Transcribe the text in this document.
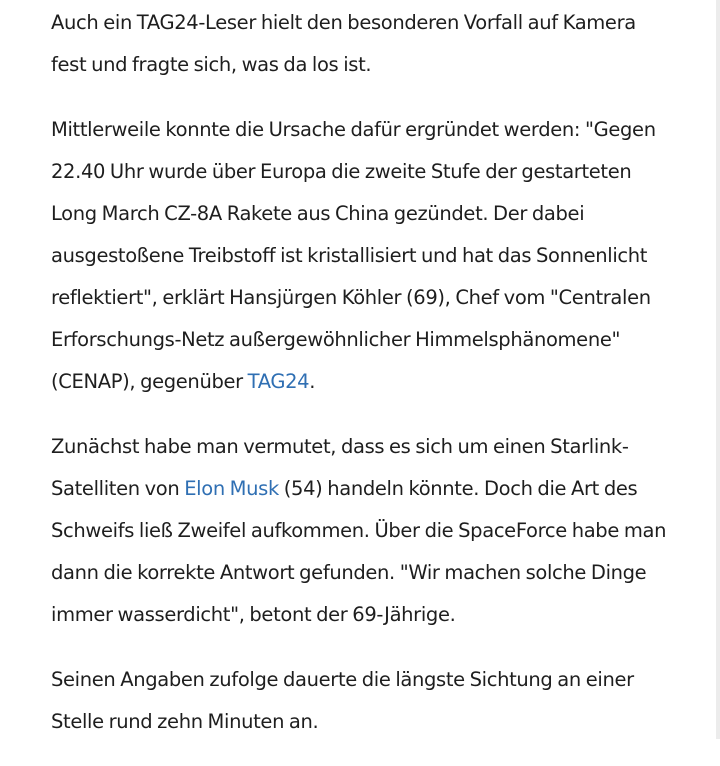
Auch ein TAG24-Leser hielt den besonderen Vorfall auf Kamera
fest und fragte sich, was da los ist.

Mittlerweile konnte die Ursache dafür ergründet werden: "Gegen
22.40 Uhr wurde über Europa die zweite Stufe der gestarteten
Long March CZ-8A Rakete aus China gezündet. Der dabei
ausgestoßene Treibstoff ist kristallisiert und hat das Sonnenlicht
reflektiert", erklärt Hansjürgen Köhler (69), Chef vom "Centralen
Erforschungs-Netz außergewöhnlicher Himmelsphänomene"
(CENAP), gegenüber TAG24.

Zunächst habe man vermutet, dass es sich um einen Starlink-
Satelliten von Elon Musk (54) handeln könnte. Doch die Art des
Schweifs ließ Zweifel aufkommen. Über die SpaceForce habe man
dann die korrekte Antwort gefunden. "Wir machen solche Dinge
immer wasserdicht", betont der 69-Jährige.

Seinen Angaben zufolge dauerte die längste Sichtung an einer
Stelle rund zehn Minuten an.
